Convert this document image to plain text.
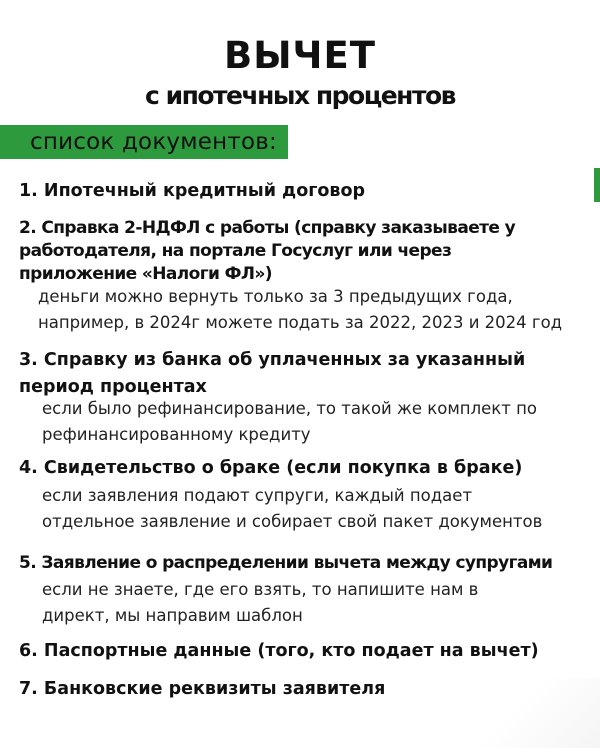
ВЫЧЕТ
с ипотечных процентов
список документов:
1. Ипотечный кредитный договор
2. Справка 2-НДФЛ с работы (справку заказываете у
работодателя, на портале Госуслуг или через
приложение «Налоги ФЛ»)
деньги можно вернуть только за 3 предыдущих года,
например, в 2024г можете подать за 2022, 2023 и 2024 год
3. Справку из банка об уплаченных за указанный
период процентах
если было рефинансирование, то такой же комплект по
рефинансированному кредиту
4. Свидетельство о браке (если покупка в браке)
если заявления подают супруги, каждый подает
отдельное заявление и собирает свой пакет документов
5. Заявление о распределении вычета между супругами
если не знаете, где его взять, то напишите нам в
директ, мы направим шаблон
6. Паспортные данные (того, кто подает на вычет)
7. Банковские реквизиты заявителя
